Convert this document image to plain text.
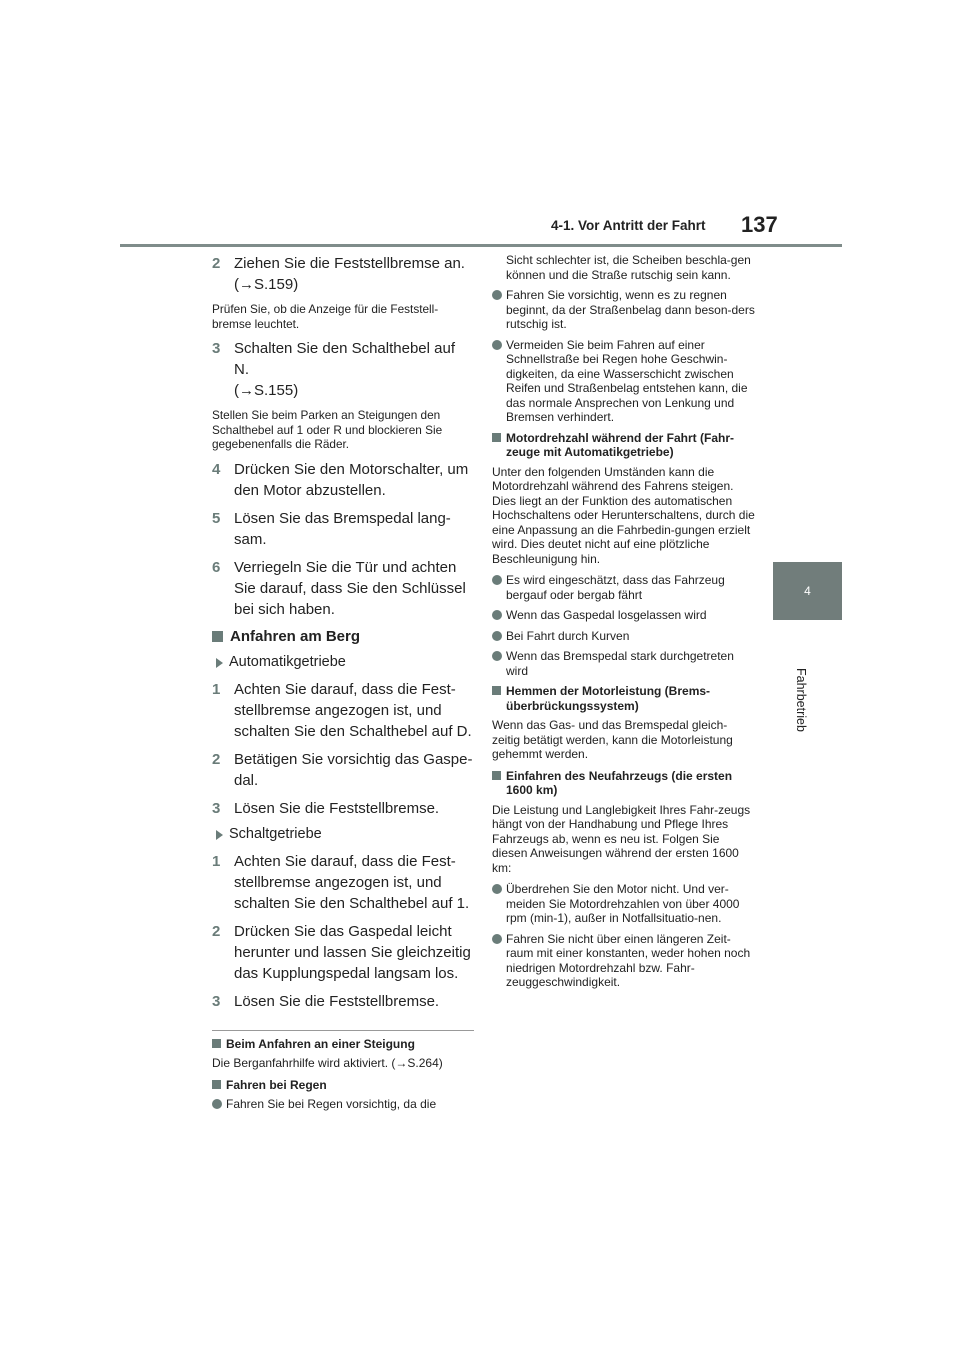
4-1. Vor Antritt der Fahrt 137
4
Fahrbetrieb
2 Ziehen Sie die Feststellbremse an.
(→S.159)
Prüfen Sie, ob die Anzeige für die Feststell-bremse leuchtet.
3 Schalten Sie den Schalthebel auf N.
(→S.155)
Stellen Sie beim Parken an Steigungen den Schalthebel auf 1 oder R und blockieren Sie gegebenenfalls die Räder.
4 Drücken Sie den Motorschalter, um den Motor abzustellen.
5 Lösen Sie das Bremspedal lang-sam.
6 Verriegeln Sie die Tür und achten Sie darauf, dass Sie den Schlüssel bei sich haben.
Anfahren am Berg
Automatikgetriebe
1 Achten Sie darauf, dass die Fest-stellbremse angezogen ist, und schalten Sie den Schalthebel auf D.
2 Betätigen Sie vorsichtig das Gaspe-dal.
3 Lösen Sie die Feststellbremse.
Schaltgetriebe
1 Achten Sie darauf, dass die Fest-stellbremse angezogen ist, und schalten Sie den Schalthebel auf 1.
2 Drücken Sie das Gaspedal leicht herunter und lassen Sie gleichzeitig das Kupplungspedal langsam los.
3 Lösen Sie die Feststellbremse.
Beim Anfahren an einer Steigung
Die Berganfahrhilfe wird aktiviert. (→S.264)
Fahren bei Regen
Fahren Sie bei Regen vorsichtig, da die
Sicht schlechter ist, die Scheiben beschla-gen können und die Straße rutschig sein kann.
Fahren Sie vorsichtig, wenn es zu regnen beginnt, da der Straßenbelag dann beson-ders rutschig ist.
Vermeiden Sie beim Fahren auf einer Schnellstraße bei Regen hohe Geschwin-digkeiten, da eine Wasserschicht zwischen Reifen und Straßenbelag entstehen kann, die das normale Ansprechen von Lenkung und Bremsen verhindert.
Motordrehzahl während der Fahrt (Fahr-zeuge mit Automatikgetriebe)
Unter den folgenden Umständen kann die Motordrehzahl während des Fahrens steigen. Dies liegt an der Funktion des automatischen Hochschaltens oder Herunterschaltens, durch die eine Anpassung an die Fahrbedin-gungen erzielt wird. Dies deutet nicht auf eine plötzliche Beschleunigung hin.
Es wird eingeschätzt, dass das Fahrzeug bergauf oder bergab fährt
Wenn das Gaspedal losgelassen wird
Bei Fahrt durch Kurven
Wenn das Bremspedal stark durchgetreten wird
Hemmen der Motorleistung (Brems-überbrückungssystem)
Wenn das Gas- und das Bremspedal gleich-zeitig betätigt werden, kann die Motorleistung gehemmt werden.
Einfahren des Neufahrzeugs (die ersten 1600 km)
Die Leistung und Langlebigkeit Ihres Fahr-zeugs hängt von der Handhabung und Pflege Ihres Fahrzeugs ab, wenn es neu ist. Folgen Sie diesen Anweisungen während der ersten 1600 km:
Überdrehen Sie den Motor nicht. Und ver-meiden Sie Motordrehzahlen von über 4000 rpm (min-1), außer in Notfallsituatio-nen.
Fahren Sie nicht über einen längeren Zeit-raum mit einer konstanten, weder hohen noch niedrigen Motordrehzahl bzw. Fahr-zeuggeschwindigkeit.
